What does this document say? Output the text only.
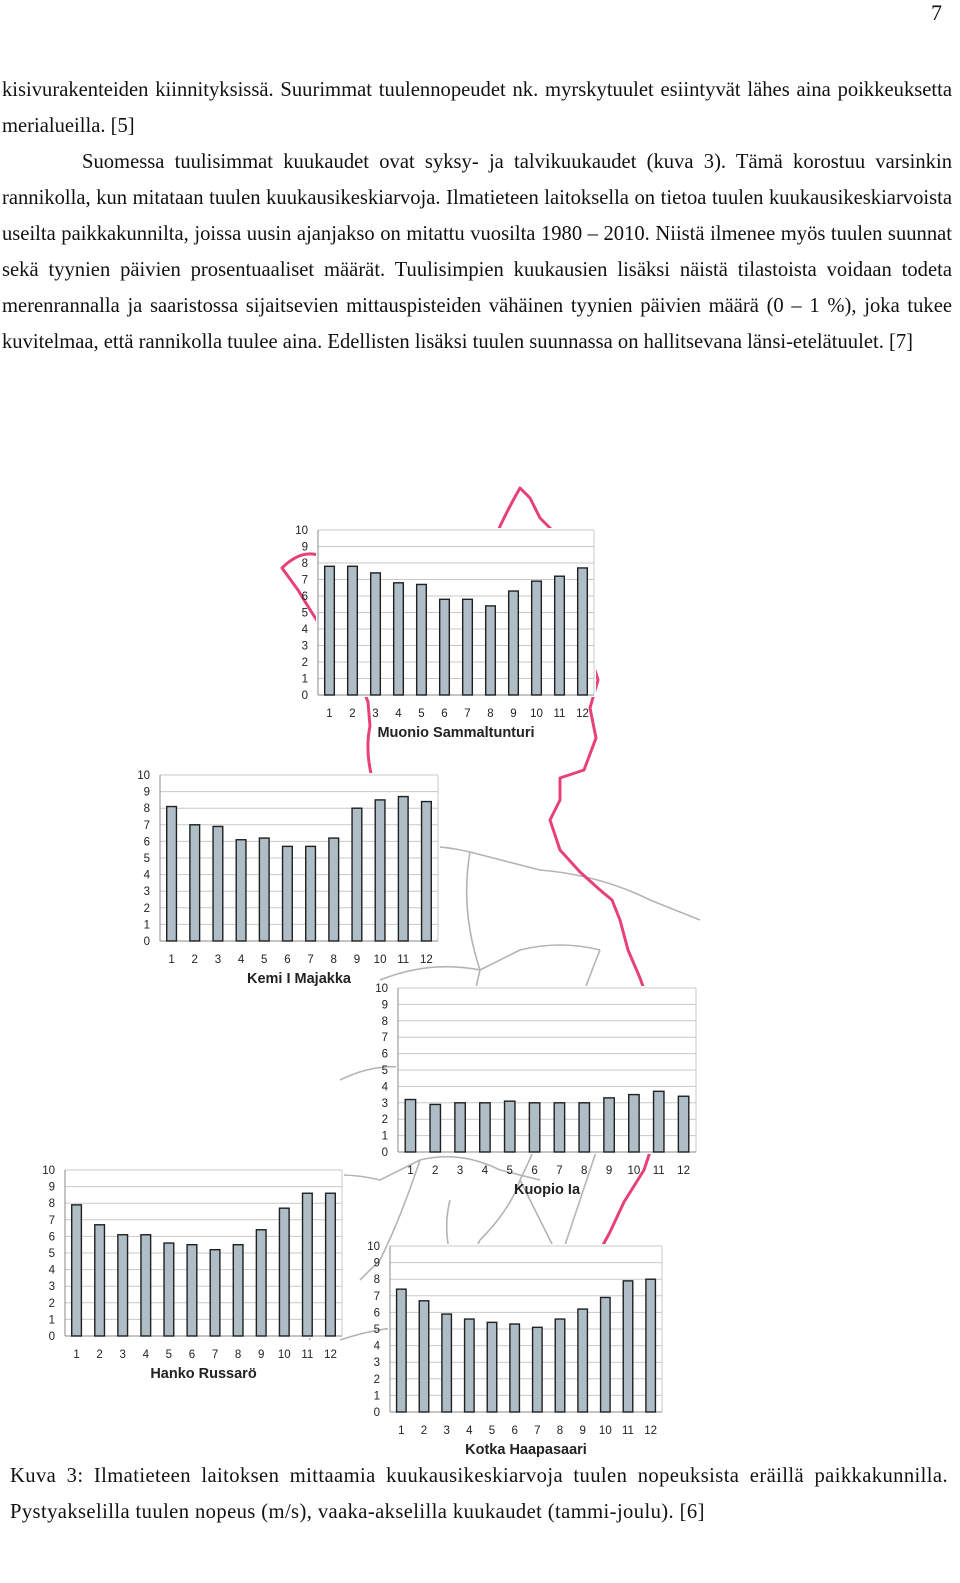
7

kisivurakenteiden kiinnityksissä. Suurimmat tuulennopeudet nk. myrskytuulet esiintyvät lähes aina poikkeuksetta merialueilla. [5]

Suomessa tuulisimmat kuukaudet ovat syksy- ja talvikuukaudet (kuva 3). Tämä korostuu varsinkin rannikolla, kun mitataan tuulen kuukausikeskiarvoja. Ilmatieteen laitoksella on tietoa tuulen kuukausikeskiarvoista useilta paikkakunnilta, joissa uusin ajanjakso on mitattu vuosilta 1980 – 2010. Niistä ilmenee myös tuulen suunnat sekä tyynien päivien prosentuaaliset määrät. Tuulisimpien kuukausien lisäksi näistä tilastoista voidaan todeta merenrannalla ja saaristossa sijaitsevien mittauspisteiden vähäinen tyynien päivien määrä (0 – 1 %), joka tukee kuvitelmaa, että rannikolla tuulee aina. Edellisten lisäksi tuulen suunnassa on hallitsevana länsi-etelätuulet. [7]

0
1
2
3
4
5
6
7
8
9
10
1 2 3 4 5 6 7 8 9 10 11 12
Muonio Sammaltunturi
0
1
2
3
4
5
6
7
8
9
10
1 2 3 4 5 6 7 8 9 10 11 12
Kemi I Majakka
0
1
2
3
4
5
6
7
8
9
10
1 2 3 4 5 6 7 8 9 10 11 12
Kuopio Ia
0
1
2
3
4
5
6
7
8
9
10
1 2 3 4 5 6 7 8 9 10 11 12
Hanko Russarö
0
1
2
3
4
5
6
7
8
9
10
1 2 3 4 5 6 7 8 9 10 11 12
Kotka Haapasaari
Kuva 3: Ilmatieteen laitoksen mittaamia kuukausikeskiarvoja tuulen nopeuksista eräillä paikkakunnilla. Pystyakselilla tuulen nopeus (m/s), vaaka-akselilla kuukaudet (tammi-joulu). [6]
